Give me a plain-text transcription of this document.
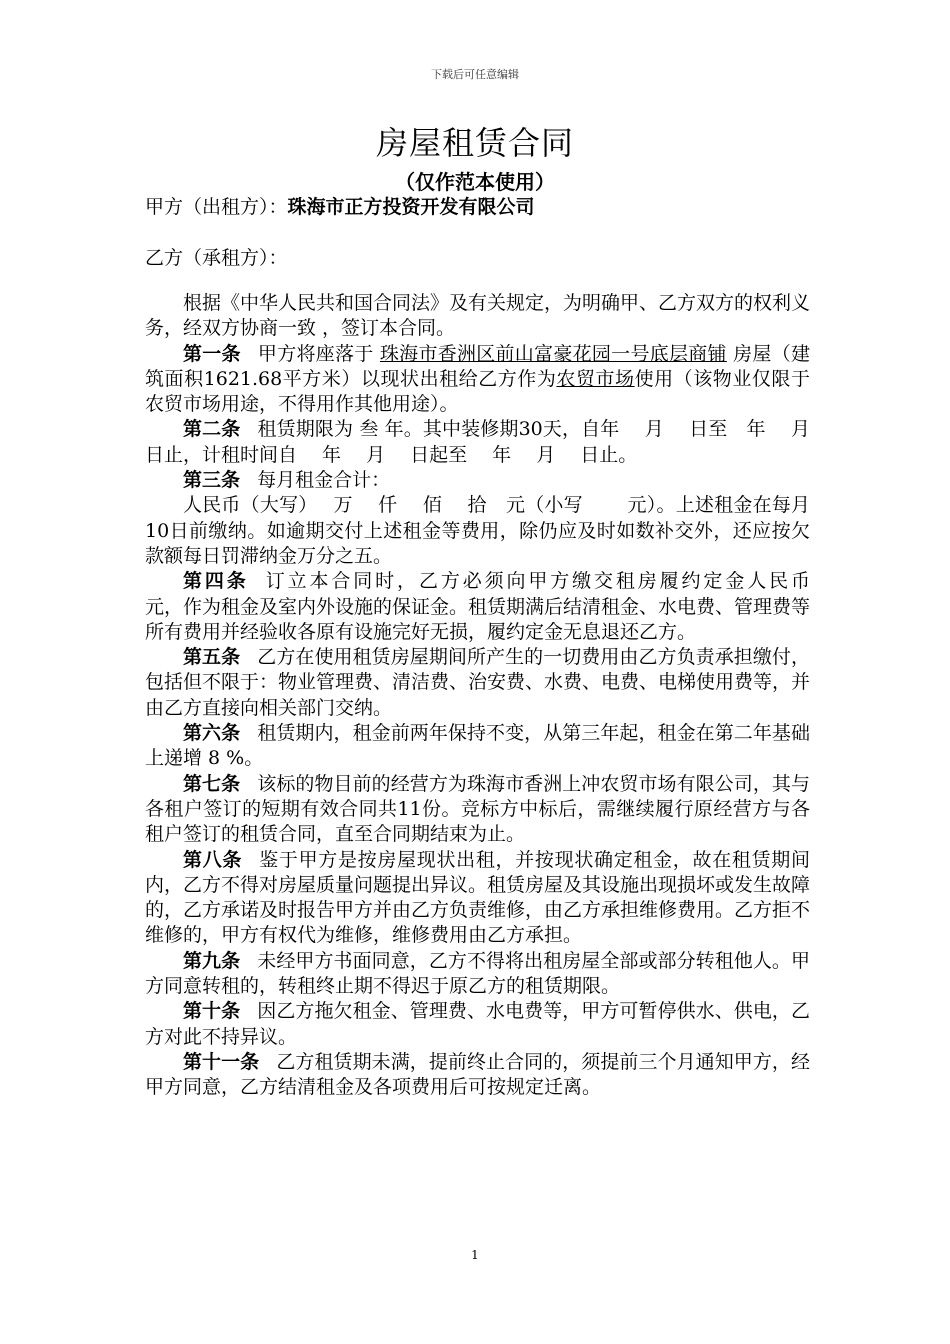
下载后可任意编辑
房屋租赁合同
（仅作范本使用）
甲方（出租方）：珠海市正方投资开发有限公司
乙方（承租方）：

根据《中华人民共和国合同法》及有关规定，为明确甲、乙方双方的权利义务，经双方协商一致 ，签订本合同。

第一条 甲方将座落于 珠海市香洲区前山富豪花园一号底层商铺 房屋（建筑面积1621.68平方米）以现状出租给乙方作为农贸市场使用（该物业仅限于农贸市场用途，不得用作其他用途）。

第二条 租赁期限为 叁 年。其中装修期30天，自年　 月　 日至　年　 月　 日止，计租时间自　 年　 月　 日起至　 年　 月　 日止。

第三条 每月租金合计：

人民币（大写）　 万　 仟　 佰　 拾　元（小写　　 元）。上述租金在每月10日前缴纳。如逾期交付上述租金等费用，除仍应及时如数补交外，还应按欠款额每日罚滞纳金万分之五。

第四条 订立本合同时，乙方必须向甲方缴交租房履约定金人民币　　　 元，作为租金及室内外设施的保证金。租赁期满后结清租金、水电费、管理费等所有费用并经验收各原有设施完好无损，履约定金无息退还乙方。

第五条 乙方在使用租赁房屋期间所产生的一切费用由乙方负责承担缴付，包括但不限于：物业管理费、清洁费、治安费、水费、电费、电梯使用费等，并由乙方直接向相关部门交纳。

第六条 租赁期内，租金前两年保持不变，从第三年起，租金在第二年基础上递增 8 %。

第七条 该标的物目前的经营方为珠海市香洲上冲农贸市场有限公司，其与各租户签订的短期有效合同共11份。竞标方中标后，需继续履行原经营方与各租户签订的租赁合同，直至合同期结束为止。

第八条 鉴于甲方是按房屋现状出租，并按现状确定租金，故在租赁期间内，乙方不得对房屋质量问题提出异议。租赁房屋及其设施出现损坏或发生故障的，乙方承诺及时报告甲方并由乙方负责维修，由乙方承担维修费用。乙方拒不维修的，甲方有权代为维修，维修费用由乙方承担。

第九条 未经甲方书面同意，乙方不得将出租房屋全部或部分转租他人。甲方同意转租的，转租终止期不得迟于原乙方的租赁期限。

第十条 因乙方拖欠租金、管理费、水电费等，甲方可暂停供水、供电，乙方对此不持异议。

第十一条 乙方租赁期未满，提前终止合同的，须提前三个月通知甲方，经甲方同意，乙方结清租金及各项费用后可按规定迁离。

1
